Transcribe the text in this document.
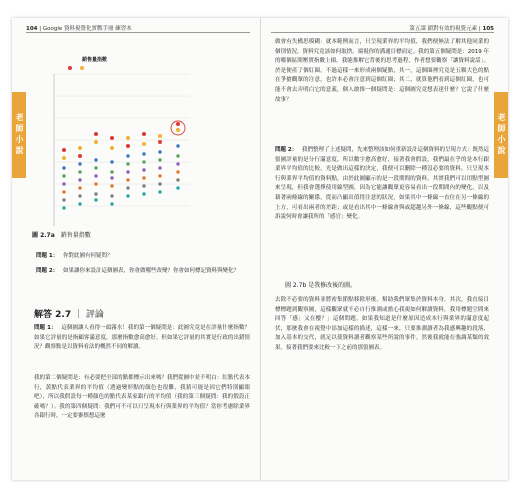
104 | Google 資料視覺化實戰手冊 練習本
老師小說
銷售量指數
圖 2.7a 銷售量指數
問題 1： 你對此圖有何疑問？
問題 2： 如果讓你來設計這個圖表，你會做哪些改變？你會如何標記資料與變化？
解答 2.7 ｜ 評論
問題 1： 這個圖讓人看得一頭霧水！我的第一個疑問是：此圖究竟是在評量什麼指數？如果它評量的是指顧客滿意度，那麼指數愈高愈好。但如果它評量的其實是行政的出錯情況？觀察點是以資料看法的概然不同的解讀。
我的第二個疑問是：有必要把全部的點都標示出來嗎？我們從圖中並不明白：紅點代表本行，黃點代表業界的平均值（透過變形點的顏色也很難，我猜可能是因它們特別顯眼吧），所以我假設每一種顏色的點代表某家銀行的平均值（我的第三個疑問：我的假設正確嗎？）。我的第四個疑問：我們可不可以只呈現本行與業界的平均值？當你考慮除業界各銀行時，一定要審慎想這麼
第五課 鎖對有效的視覺元素 | 105
老師小說
做會有失構思模糊：就本範例而言，只呈現業界的平均值，我們便無法了解其他同業的個別情況。資料究竟該如何取捨，端視你的溝通目標而定。我的第五個疑問是：2019 年的哪個區間壓實指數上揚，我能推解它背後的思考過程，作者想要觀察「讓資料說話」。於是便產了個紅圈。不過這樣一來形成兩個疑點，其一，這個圈裡究竟是五顆大色的點在爭搶觀眾的注意，也許本必會注意到這個紅圈；其二，就算他們看到這個紅圈，也可能不會去弄明白它的意義，個人敢推一個疑問是：這個圖究竟想表達什麼？它說了什麼故事？
問題 2： 我們整理了上述疑問，先來整理該如何重新設計這個資料的呈現方式：既然這張圖評量的是分行滿意度，所以數字愈高愈好，接著我會假設，我們最在乎的是本行跟業界平均值的比較，光是做出這樣的決定，我便可以刪除一種沒必要的資料，只呈現本行與業界平均值的資料點，由於此圖顯示的是一段期間的資料，其實我們可以用點型圖來呈現，但我會選擇使用線型圖，因為它能讓觀眾更容易看出一段期間內的變化，以及藉著兩條線的關係，從而凸顯出值得注意的狀況，如果其中一條線一直位在另一條線的上方，可看出兩者的差距；或是看出其中一條線會與或超越另外一條線，這些觀點便可訴說何時會讓我所的「感官」變化。
圖 2.7b 是我修改後的圖。
去除不必要的資料並將密集節點移除形後，幫助我們眾集於資料本身，其次，我直接目標標題到觀察圖，這樣觀眾就不必自行推測或擔心我視如何解讀資料，我用標題空間來回答「感」又在樓？」這個問題，如果我知道是什麼原因造成本行與業界的滿意度起伏，那麼我會在視覺中添加這樣的描述，這樣一來，只要推測讀者為我感興趣的段落、加入基本的交代，就足以使資料讀者觀察某些所說的事件。然後我就能在強調某類的效果。接著我們要來比較一下之前的那張圖表。
